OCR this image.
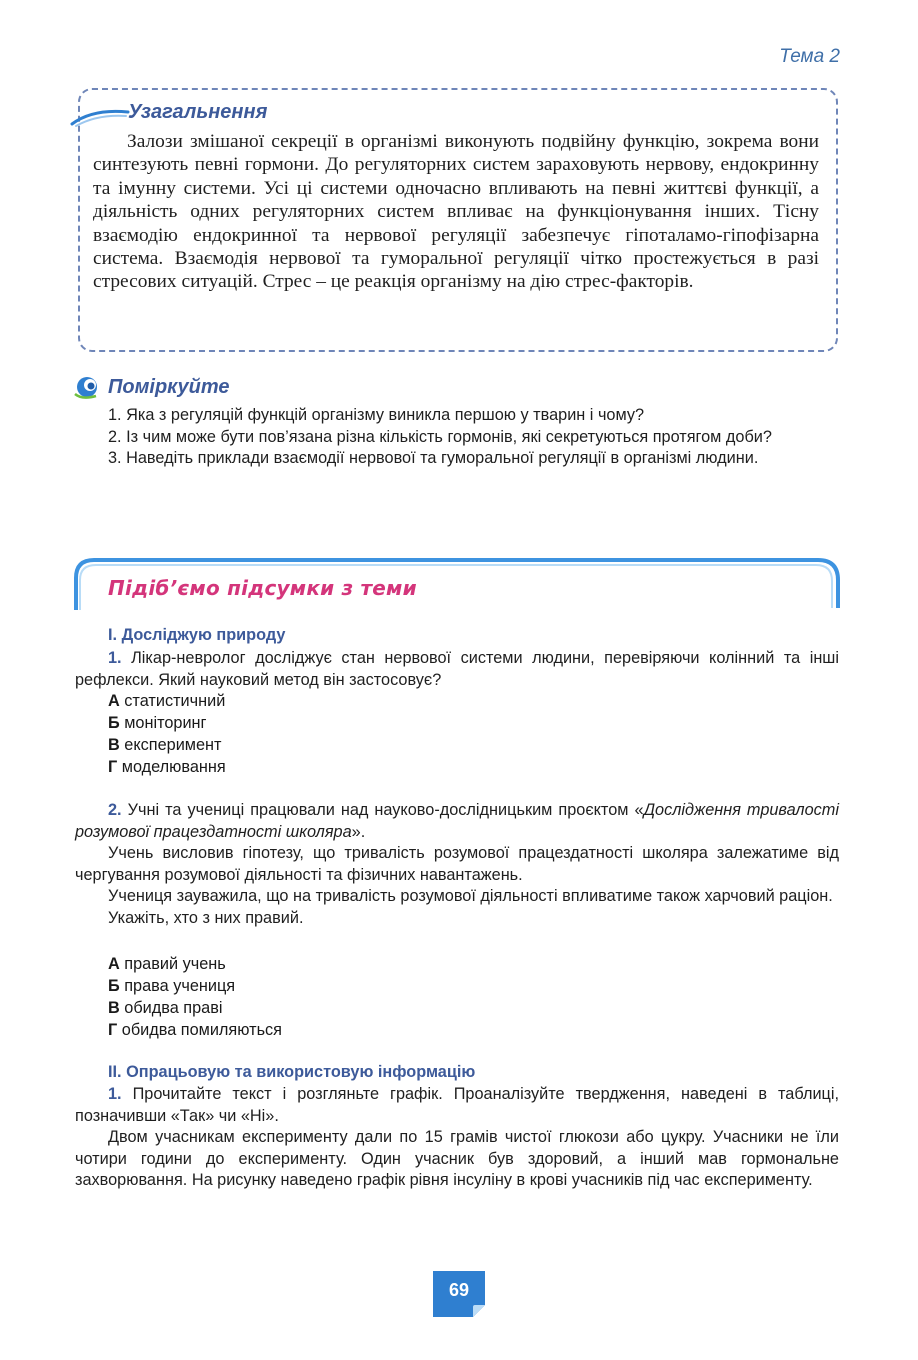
Тема 2
Узагальнення

Залози змішаної секреції в організмі виконують подвійну функцію, зокрема вони синтезують певні гормони. До регуляторних систем зараховують нервову, ендокринну та імунну системи. Усі ці системи одночасно впливають на певні життєві функції, а діяльність одних регуляторних систем впливає на функціонування інших. Тісну взаємодію ендокринної та нервової регуляції забезпечує гіпоталамо-гіпофізарна система. Взаємодія нервової та гуморальної регуляції чітко простежується в разі стресових ситуацій. Стрес – це реакція організму на дію стрес-факторів.

Поміркуйте

1. Яка з регуляцій функцій організму виникла першою у тварин і чому?

2. Із чим може бути пов’язана різна кількість гормонів, які секретуються протягом доби?

3. Наведіть приклади взаємодії нервової та гуморальної регуляції в організмі людини.

Підіб’ємо підсумки з теми
І. Досліджую природу

1. Лікар-невролог досліджує стан нервової системи людини, перевіряючи колінний та інші рефлекси. Який науковий метод він застосовує?

А статистичний
Б моніторинг
В експеримент
Г моделювання

2. Учні та учениці працювали над науково-дослідницьким проєктом «Дослідження тривалості розумової працездатності школяра».

Учень висловив гіпотезу, що тривалість розумової працездатності школяра залежатиме від чергування розумової діяльності та фізичних навантажень.

Учениця зауважила, що на тривалість розумової діяльності впливатиме також харчовий раціон.

Укажіть, хто з них правий.

А правий учень
Б права учениця
В обидва праві
Г обидва помиляються
ІІ. Опрацьовую та використовую інформацію

1. Прочитайте текст і розгляньте графік. Проаналізуйте твердження, наведені в таблиці, позначивши «Так» чи «Ні».

Двом учасникам експерименту дали по 15 грамів чистої глюкози або цукру. Учасники не їли чотири години до експерименту. Один учасник був здоровий, а інший мав гормональне захворювання. На рисунку наведено графік рівня інсуліну в крові учасників під час експерименту.

69
